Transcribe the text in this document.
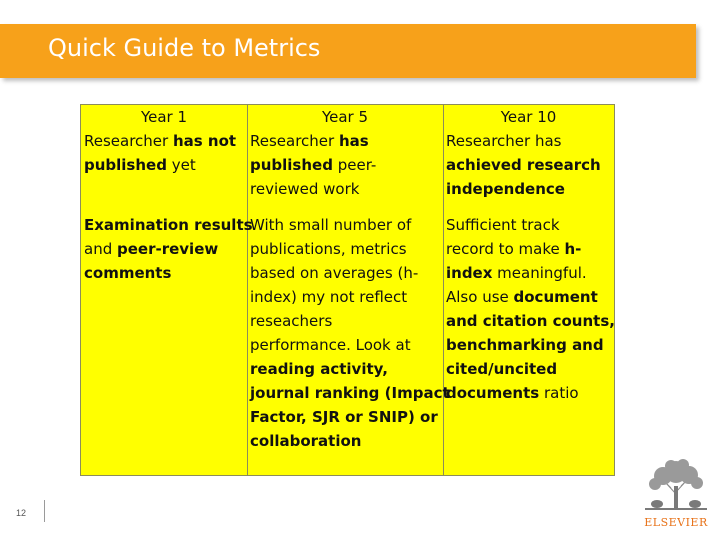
Quick Guide to Metrics
Year 1
Researcher has not
published yet
Examination results
and peer-review
comments
Year 5
Researcher has
published peer-
reviewed work
With small number of
publications, metrics
based on averages (h-
index) my not reflect
reseachers
performance. Look at
reading activity,
journal ranking (Impact
Factor, SJR or SNIP) or
collaboration
Year 10
Researcher has
achieved research
independence
Sufficient track
record to make h-
index meaningful.
Also use document
and citation counts,
benchmarking and
cited/uncited
documents ratio
12
ELSEVIER
